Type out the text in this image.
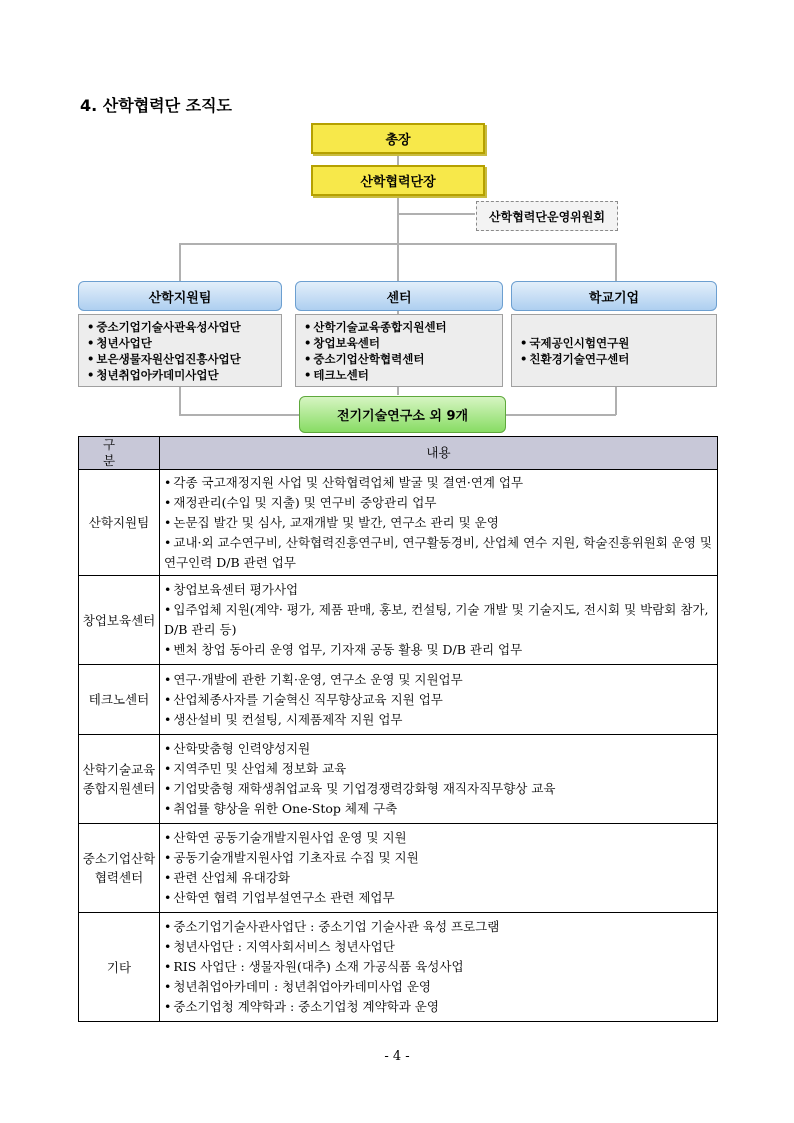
4. 산학협력단 조직도
총장
산학협력단장
산학협력단운영위원회
산학지원팀	센터	학교기업
• 중소기업기술사관육성사업단
• 청년사업단
• 보은생물자원산업진흥사업단
• 청년취업아카데미사업단
• 산학기술교육종합지원센터
• 창업보육센터
• 중소기업산학협력센터
• 테크노센터
• 국제공인시험연구원
• 친환경기술연구센터
전기기술연구소 외 9개
구 분	내용
산학지원팀	• 각종 국고재정지원 사업 및 산학협력업체 발굴 및 결연·연계 업무
• 재정관리(수입 및 지출) 및 연구비 중앙관리 업무
• 논문집 발간 및 심사, 교재개발 및 발간, 연구소 관리 및 운영
• 교내·외 교수연구비, 산학협력진흥연구비, 연구활동경비, 산업체 연수 지원, 학술진흥위원회 운영 및 연구인력 D/B 관련 업무

창업보육센터	• 창업보육센터 평가사업
• 입주업체 지원(계약· 평가, 제품 판매, 홍보, 컨설팅, 기술 개발 및 기술지도, 전시회 및 박람회 참가, D/B 관리 등)
• 벤처 창업 동아리 운영 업무, 기자재 공동 활용 및 D/B 관리 업무

테크노센터	• 연구·개발에 관한 기획·운영, 연구소 운영 및 지원업무
• 산업체종사자를 기술혁신 직무향상교육 지원 업무
• 생산설비 및 컨설팅, 시제품제작 지원 업무

산학기술교육종합지원센터	• 산학맞춤형 인력양성지원
• 지역주민 및 산업체 정보화 교육
• 기업맞춤형 재학생취업교육 및 기업경쟁력강화형 재직자직무향상 교육
• 취업률 향상을 위한 One-Stop 체제 구축

중소기업산학협력센터	• 산학연 공동기술개발지원사업 운영 및 지원
• 공동기술개발지원사업 기초자료 수집 및 지원
• 관련 산업체 유대강화
• 산학연 협력 기업부설연구소 관련 제업무

기타	• 중소기업기술사관사업단 : 중소기업 기술사관 육성 프로그램
• 청년사업단 : 지역사회서비스 청년사업단
• RIS 사업단 : 생물자원(대추) 소재 가공식품 육성사업
• 청년취업아카데미 : 청년취업아카데미사업 운영
• 중소기업청 계약학과 : 중소기업청 계약학과 운영
- 4 -
